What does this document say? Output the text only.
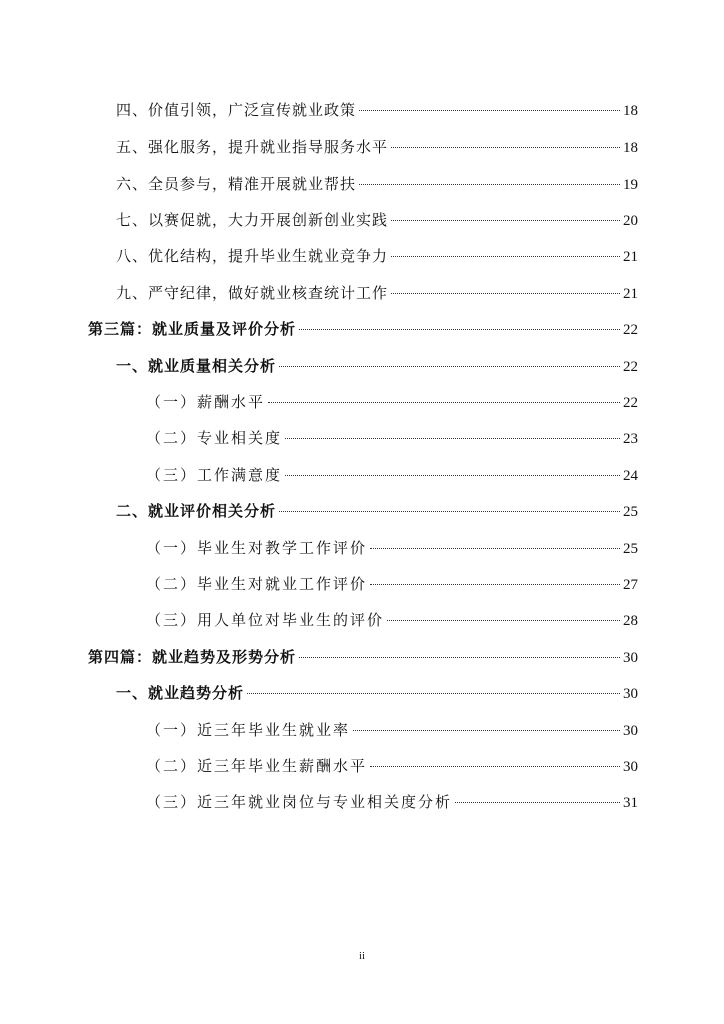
四、价值引领，广泛宣传就业政策	18
五、强化服务，提升就业指导服务水平	18
六、全员参与，精准开展就业帮扶	19
七、以赛促就，大力开展创新创业实践	20
八、优化结构，提升毕业生就业竞争力	21
九、严守纪律，做好就业核查统计工作	21
第三篇：就业质量及评价分析	22
一、就业质量相关分析	22
（一）薪酬水平	22
（二）专业相关度	23
（三）工作满意度	24
二、就业评价相关分析	25
（一）毕业生对教学工作评价	25
（二）毕业生对就业工作评价	27
（三）用人单位对毕业生的评价	28
第四篇：就业趋势及形势分析	30
一、就业趋势分析	30
（一）近三年毕业生就业率	30
（二）近三年毕业生薪酬水平	30
（三）近三年就业岗位与专业相关度分析	31
ii
